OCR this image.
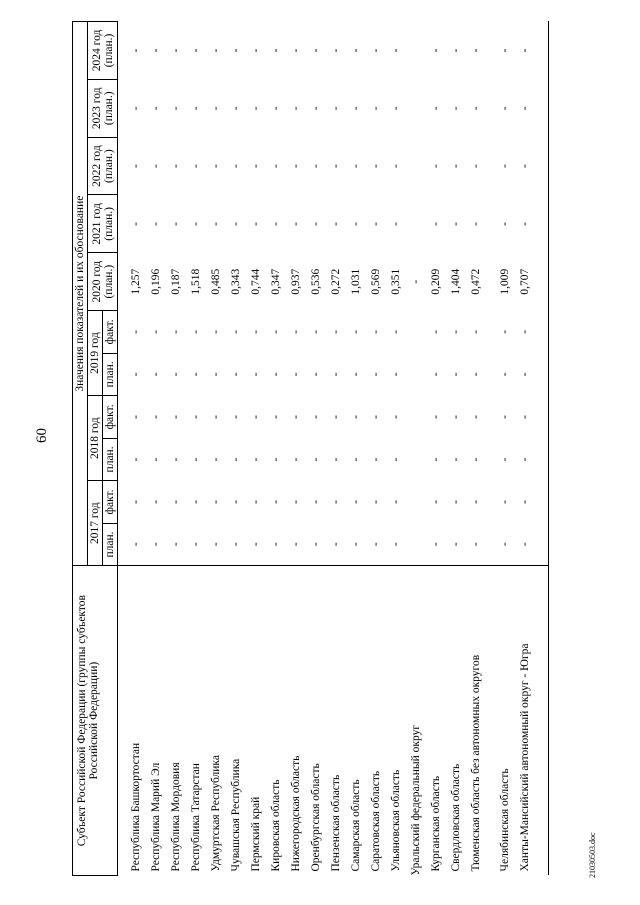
60
Субъект Российской Федерации (группы субъектов Российской Федерации)	Значения показателей и их обоснование										
	2017 год		2018 год		2019 год		2020 год (план.)	2021 год (план.)	2022 год (план.)	2023 год (план.)	2024 год (план.)
	план.	факт.	план.	факт.	план.	факт.					
Республика Башкортостан	-	-	-	-	-	-	1,257	-	-	-	-
Республика Марий Эл	-	-	-	-	-	-	0,196	-	-	-	-
Республика Мордовия	-	-	-	-	-	-	0,187	-	-	-	-
Республика Татарстан	-	-	-	-	-	-	1,518	-	-	-	-
Удмуртская Республика	-	-	-	-	-	-	0,485	-	-	-	-
Чувашская Республика	-	-	-	-	-	-	0,343	-	-	-	-
Пермский край	-	-	-	-	-	-	0,744	-	-	-	-
Кировская область	-	-	-	-	-	-	0,347	-	-	-	-
Нижегородская область	-	-	-	-	-	-	0,937	-	-	-	-
Оренбургская область	-	-	-	-	-	-	0,536	-	-	-	-
Пензенская область	-	-	-	-	-	-	0,272	-	-	-	-
Самарская область	-	-	-	-	-	-	1,031	-	-	-	-
Саратовская область	-	-	-	-	-	-	0,569	-	-	-	-
Ульяновская область	-	-	-	-	-	-	0,351	-	-	-	-
Уральский федеральный округ							-				
Курганская область	-	-	-	-	-	-	0,209	-	-	-	-
Свердловская область	-	-	-	-	-	-	1,404	-	-	-	-
Тюменская область без автономных округов	-	-	-	-	-	-	0,472	-	-	-	-
Челябинская область	-	-	-	-	-	-	1,009	-	-	-	-
Ханты-Мансийский автономный округ - Югра	-	-	-	-	-	-	0,707	-	-	-	-
21030503.doc
